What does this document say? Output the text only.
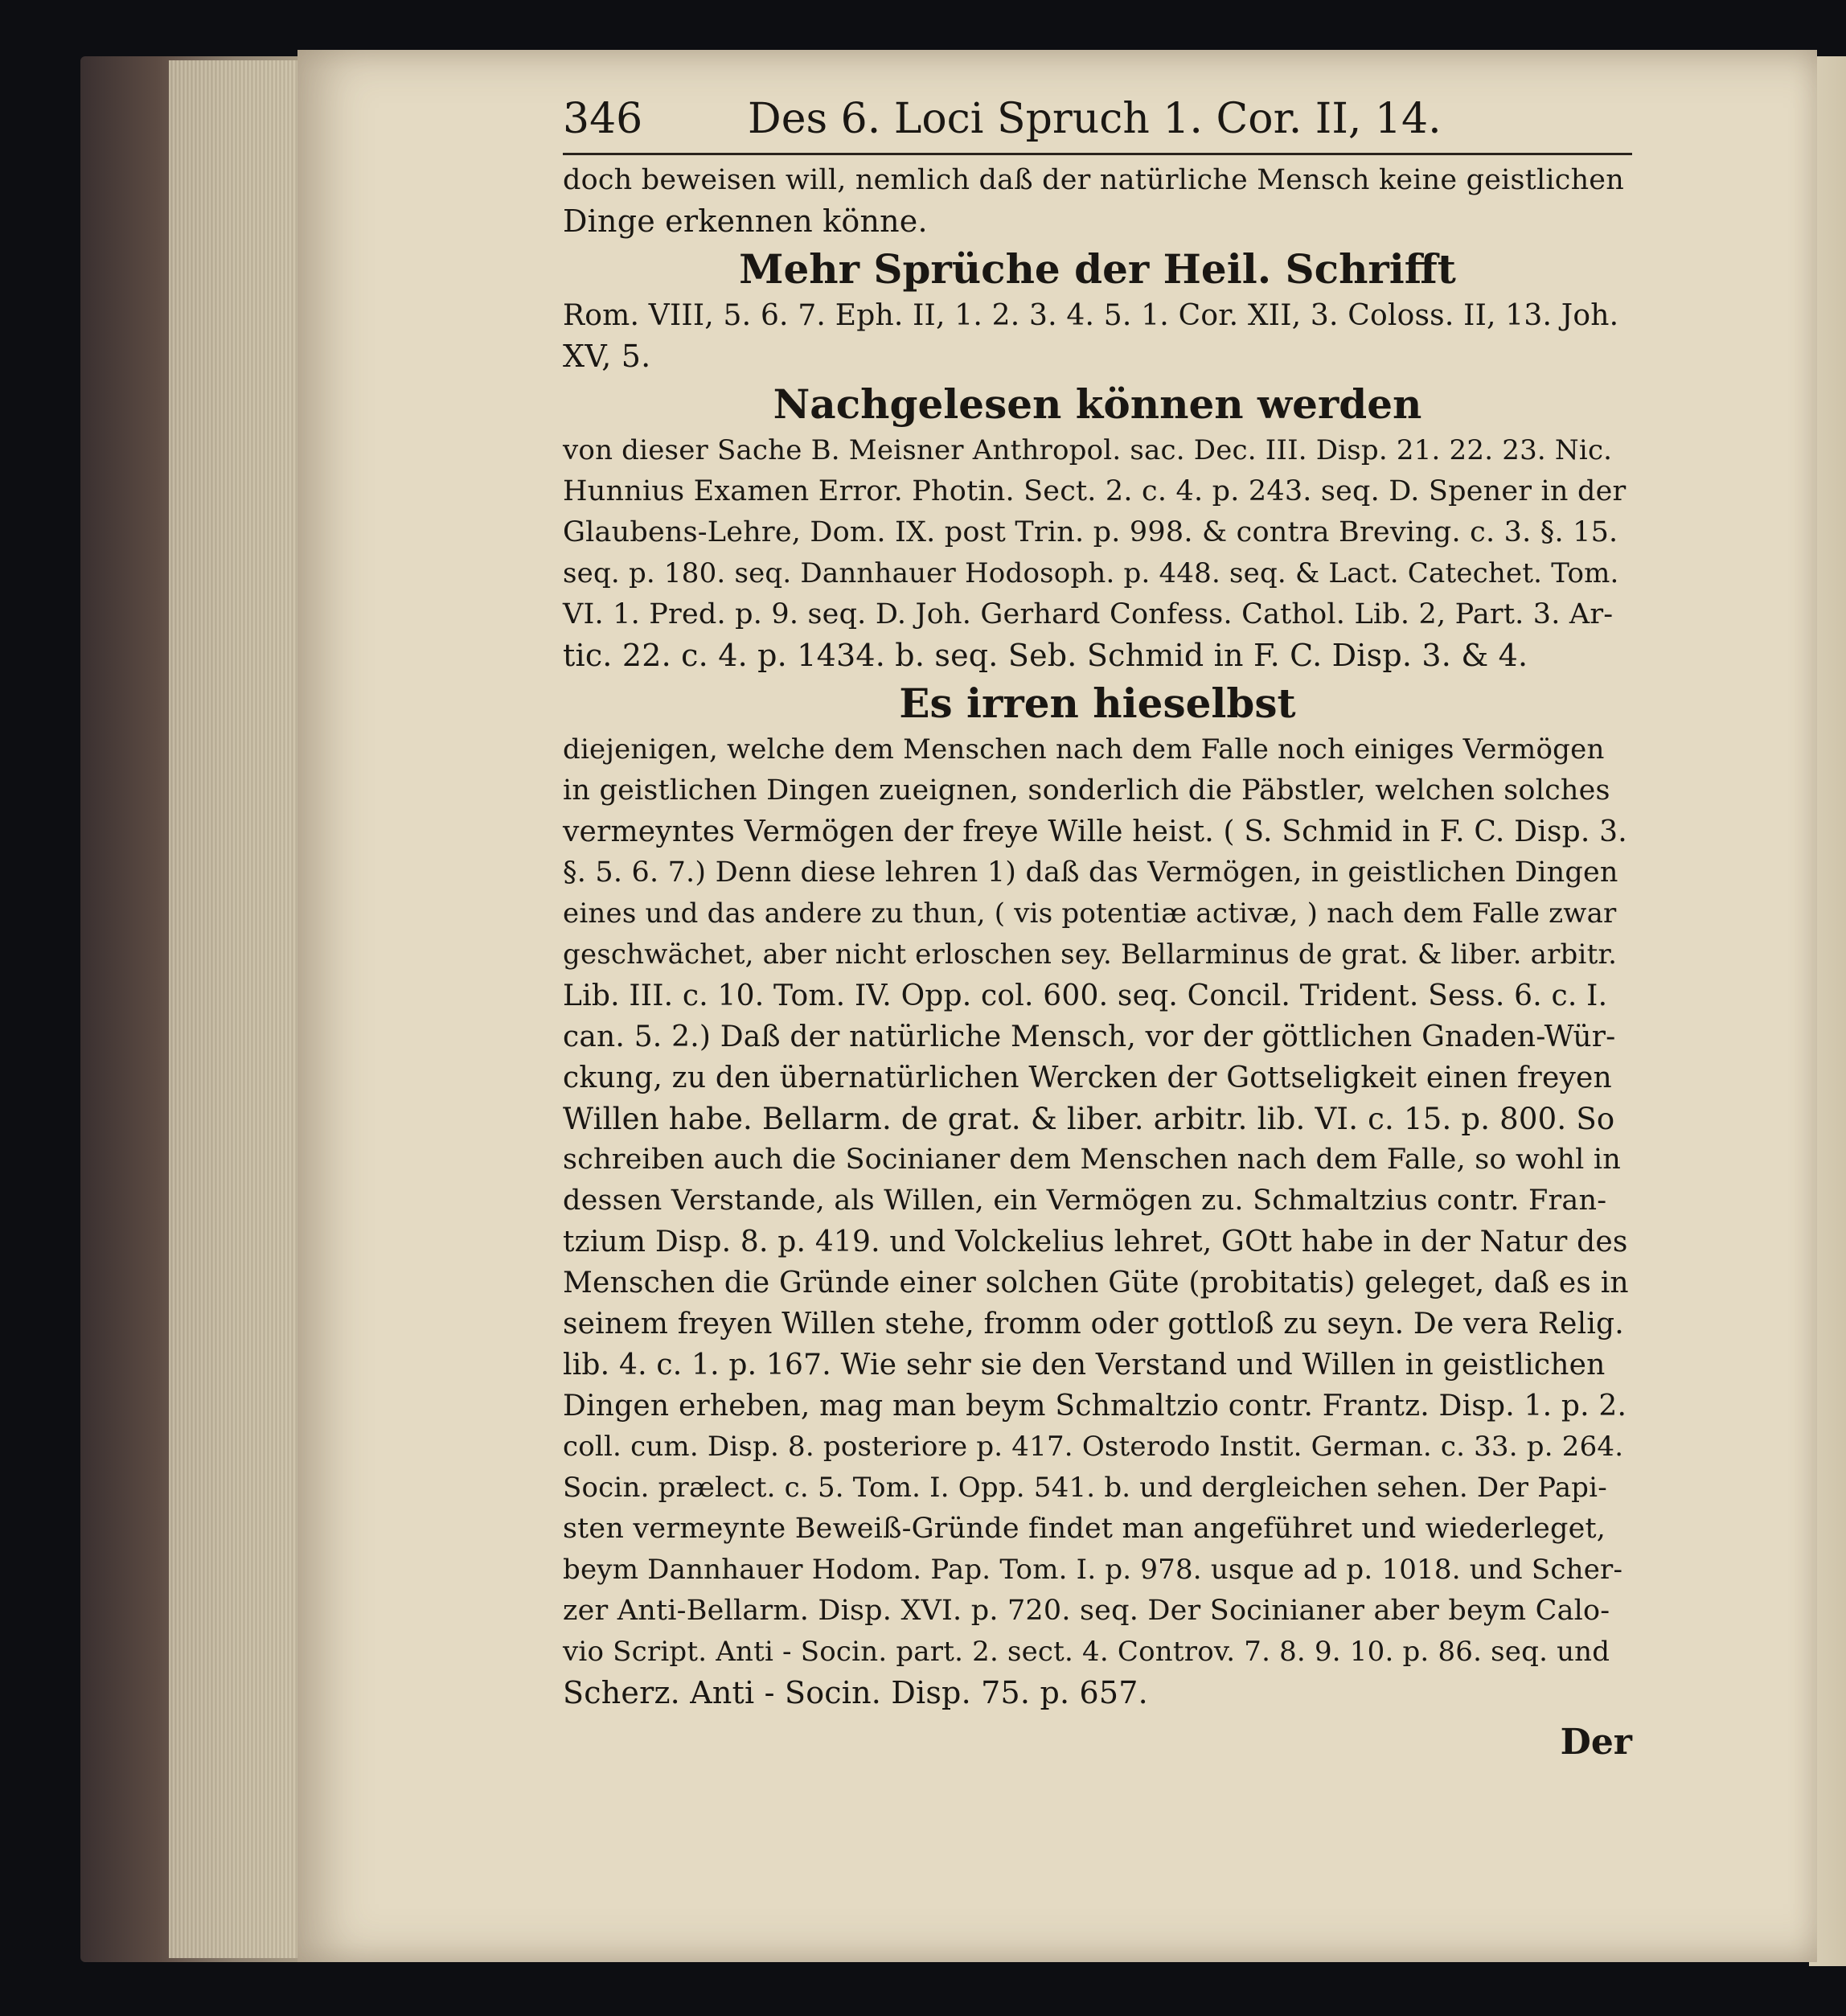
346	Des 6. Loci Spruch 1. Cor. II, 14.
doch beweisen will, nemlich daß der natürliche Mensch keine geistlichen
Dinge erkennen könne.
Mehr Sprüche der Heil. Schrifft
Rom. VIII, 5. 6. 7. Eph. II, 1. 2. 3. 4. 5. 1. Cor. XII, 3. Coloss. II, 13. Joh.
XV, 5.
Nachgelesen können werden
von dieser Sache B. Meisner Anthropol. sac. Dec. III. Disp. 21. 22. 23. Nic.
Hunnius Examen Error. Photin. Sect. 2. c. 4. p. 243. seq. D. Spener in der
Glaubens-Lehre, Dom. IX. post Trin. p. 998. & contra Breving. c. 3. §. 15.
seq. p. 180. seq. Dannhauer Hodosoph. p. 448. seq. & Lact. Catechet. Tom.
VI. 1. Pred. p. 9. seq. D. Joh. Gerhard Confess. Cathol. Lib. 2, Part. 3. Ar-
tic. 22. c. 4. p. 1434. b. seq. Seb. Schmid in F. C. Disp. 3. & 4.
Es irren hieselbst
diejenigen, welche dem Menschen nach dem Falle noch einiges Vermögen
in geistlichen Dingen zueignen, sonderlich die Päbstler, welchen solches
vermeyntes Vermögen der freye Wille heist. ( S. Schmid in F. C. Disp. 3.
§. 5. 6. 7.) Denn diese lehren 1) daß das Vermögen, in geistlichen Dingen
eines und das andere zu thun, ( vis potentiæ activæ, ) nach dem Falle zwar
geschwächet, aber nicht erloschen sey. Bellarminus de grat. & liber. arbitr.
Lib. III. c. 10. Tom. IV. Opp. col. 600. seq. Concil. Trident. Sess. 6. c. I.
can. 5. 2.) Daß der natürliche Mensch, vor der göttlichen Gnaden-Wür-
ckung, zu den übernatürlichen Wercken der Gottseligkeit einen freyen
Willen habe. Bellarm. de grat. & liber. arbitr. lib. VI. c. 15. p. 800. So
schreiben auch die Socinianer dem Menschen nach dem Falle, so wohl in
dessen Verstande, als Willen, ein Vermögen zu. Schmaltzius contr. Fran-
tzium Disp. 8. p. 419. und Volckelius lehret, GOtt habe in der Natur des
Menschen die Gründe einer solchen Güte (probitatis) geleget, daß es in
seinem freyen Willen stehe, fromm oder gottloß zu seyn. De vera Relig.
lib. 4. c. 1. p. 167. Wie sehr sie den Verstand und Willen in geistlichen
Dingen erheben, mag man beym Schmaltzio contr. Frantz. Disp. 1. p. 2.
coll. cum. Disp. 8. posteriore p. 417. Osterodo Instit. German. c. 33. p. 264.
Socin. prælect. c. 5. Tom. I. Opp. 541. b. und dergleichen sehen. Der Papi-
sten vermeynte Beweiß-Gründe findet man angeführet und wiederleget,
beym Dannhauer Hodom. Pap. Tom. I. p. 978. usque ad p. 1018. und Scher-
zer Anti-Bellarm. Disp. XVI. p. 720. seq. Der Socinianer aber beym Calo-
vio Script. Anti - Socin. part. 2. sect. 4. Controv. 7. 8. 9. 10. p. 86. seq. und
Scherz. Anti - Socin. Disp. 75. p. 657.
Der
